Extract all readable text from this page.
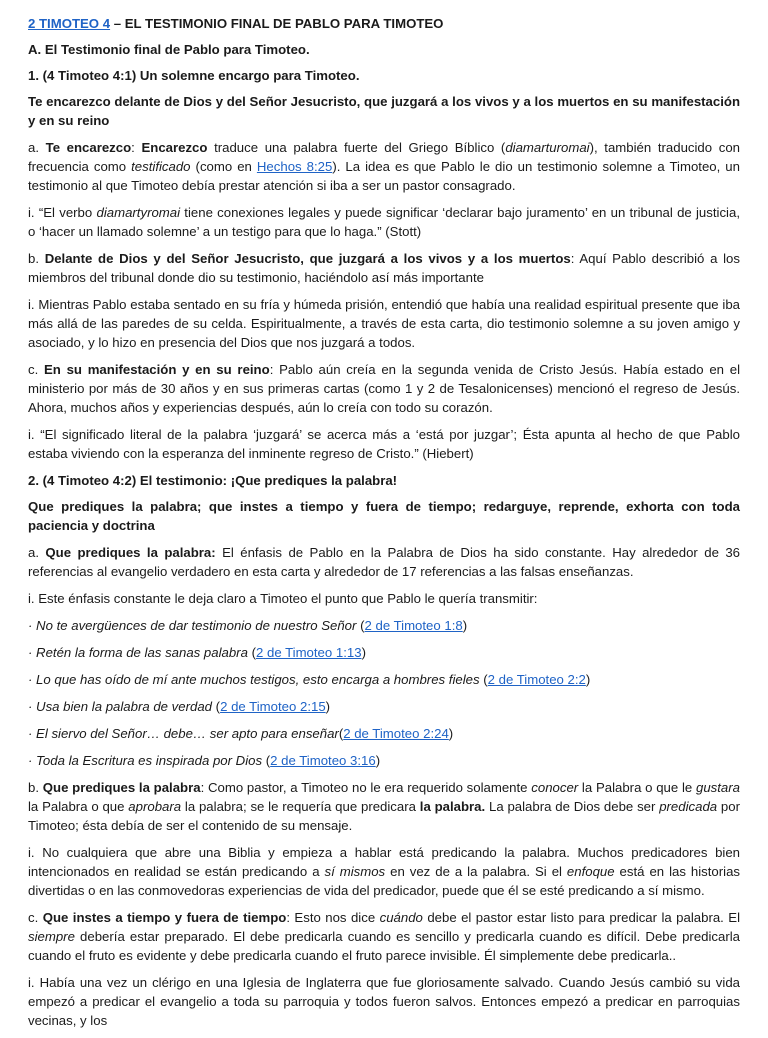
2 TIMOTEO 4 – EL TESTIMONIO FINAL DE PABLO PARA TIMOTEO

A. El Testimonio final de Pablo para Timoteo.

1. (4 Timoteo 4:1) Un solemne encargo para Timoteo.

Te encarezco delante de Dios y del Señor Jesucristo, que juzgará a los vivos y a los muertos en su manifestación y en su reino

a. Te encarezco: Encarezco traduce una palabra fuerte del Griego Bíblico (diamarturomai), también traducido con frecuencia como testificado (como en Hechos 8:25). La idea es que Pablo le dio un testimonio solemne a Timoteo, un testimonio al que Timoteo debía prestar atención si iba a ser un pastor consagrado.

i. “El verbo diamartyromai tiene conexiones legales y puede significar ‘declarar bajo juramento’ en un tribunal de justicia, o ‘hacer un llamado solemne’ a un testigo para que lo haga.” (Stott)

b. Delante de Dios y del Señor Jesucristo, que juzgará a los vivos y a los muertos: Aquí Pablo describió a los miembros del tribunal donde dio su testimonio, haciéndolo así más importante

i. Mientras Pablo estaba sentado en su fría y húmeda prisión, entendió que había una realidad espiritual presente que iba más allá de las paredes de su celda. Espiritualmente, a través de esta carta, dio testimonio solemne a su joven amigo y asociado, y lo hizo en presencia del Dios que nos juzgará a todos.

c. En su manifestación y en su reino: Pablo aún creía en la segunda venida de Cristo Jesús. Había estado en el ministerio por más de 30 años y en sus primeras cartas (como 1 y 2 de Tesalonicenses) mencionó el regreso de Jesús. Ahora, muchos años y experiencias después, aún lo creía con todo su corazón.

i. “El significado literal de la palabra ‘juzgará’ se acerca más a ‘está por juzgar’; Ésta apunta al hecho de que Pablo estaba viviendo con la esperanza del inminente regreso de Cristo.” (Hiebert)

2. (4 Timoteo 4:2) El testimonio: ¡Que prediques la palabra!

Que prediques la palabra; que instes a tiempo y fuera de tiempo; redarguye, reprende, exhorta con toda paciencia y doctrina

a. Que prediques la palabra: El énfasis de Pablo en la Palabra de Dios ha sido constante. Hay alrededor de 36 referencias al evangelio verdadero en esta carta y alrededor de 17 referencias a las falsas enseñanzas.

i. Este énfasis constante le deja claro a Timoteo el punto que Pablo le quería transmitir:

· No te avergüences de dar testimonio de nuestro Señor (2 de Timoteo 1:8)

· Retén la forma de las sanas palabra (2 de Timoteo 1:13)

· Lo que has oído de mí ante muchos testigos, esto encarga a hombres fieles (2 de Timoteo 2:2)

· Usa bien la palabra de verdad (2 de Timoteo 2:15)

· El siervo del Señor… debe… ser apto para enseñar(2 de Timoteo 2:24)

· Toda la Escritura es inspirada por Dios (2 de Timoteo 3:16)

b. Que prediques la palabra: Como pastor, a Timoteo no le era requerido solamente conocer la Palabra o que le gustara la Palabra o que aprobara la palabra; se le requería que predicara la palabra. La palabra de Dios debe ser predicada por Timoteo; ésta debía de ser el contenido de su mensaje.

i. No cualquiera que abre una Biblia y empieza a hablar está predicando la palabra. Muchos predicadores bien intencionados en realidad se están predicando a sí mismos en vez de a la palabra. Si el enfoque está en las historias divertidas o en las conmovedoras experiencias de vida del predicador, puede que él se esté predicando a sí mismo.

c. Que instes a tiempo y fuera de tiempo: Esto nos dice cuándo debe el pastor estar listo para predicar la palabra. El siempre debería estar preparado. El debe predicarla cuando es sencillo y predicarla cuando es difícil. Debe predicarla cuando el fruto es evidente y debe predicarla cuando el fruto parece invisible. Él simplemente debe predicarla..

i. Había una vez un clérigo en una Iglesia de Inglaterra que fue gloriosamente salvado. Cuando Jesús cambió su vida empezó a predicar el evangelio a toda su parroquia y todos fueron salvos. Entonces empezó a predicar en parroquias vecinas, y los
